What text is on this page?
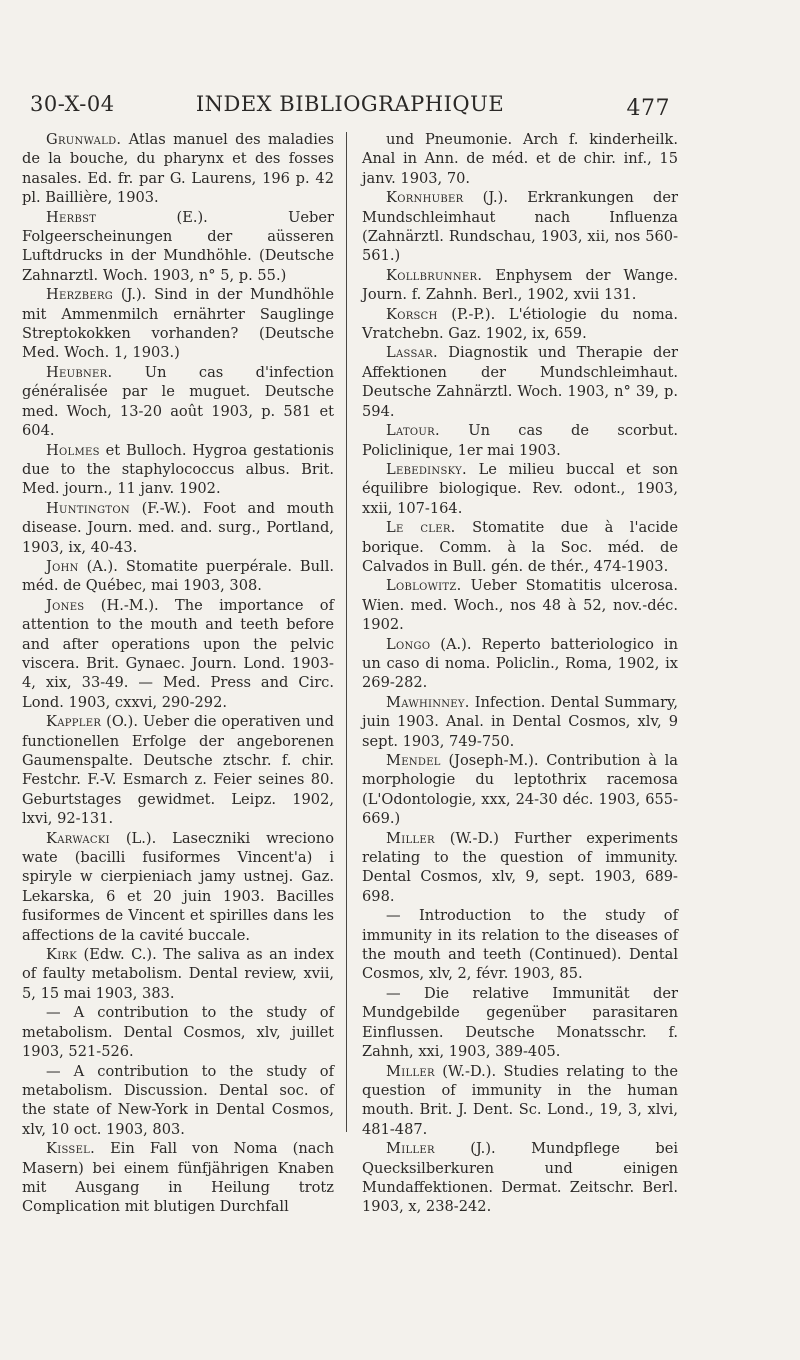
30-X-04	INDEX BIBLIOGRAPHIQUE	477

Grunwald. Atlas manuel des maladies de la bouche, du pharynx et des fosses nasales. Ed. fr. par G. Laurens, 196 p. 42 pl. Baillière, 1903.

Herbst (E.). Ueber Folgeerscheinungen der aüsseren Luftdrucks in der Mundhöhle. (Deutsche Zahnarztl. Woch. 1903, n° 5, p. 55.)

Herzberg (J.). Sind in der Mundhöhle mit Ammenmilch ernährter Sauglinge Streptokokken vorhanden? (Deutsche Med. Woch. 1, 1903.)

Heubner. Un cas d'infection généralisée par le muguet. Deutsche med. Woch, 13-20 août 1903, p. 581 et 604.

Holmes et Bulloch. Hygroa gestationis due to the staphylococcus albus. Brit. Med. journ., 11 janv. 1902.

Huntington (F.-W.). Foot and mouth disease. Journ. med. and. surg., Portland, 1903, ix, 40-43.

John (A.). Stomatite puerpérale. Bull. méd. de Québec, mai 1903, 308.

Jones (H.-M.). The importance of attention to the mouth and teeth before and after operations upon the pelvic viscera. Brit. Gynaec. Journ. Lond. 1903-4, xix, 33-49. — Med. Press and Circ. Lond. 1903, cxxvi, 290-292.

Kappler (O.). Ueber die operativen und functionellen Erfolge der angeborenen Gaumenspalte. Deutsche ztschr. f. chir. Festchr. F.-V. Esmarch z. Feier seines 80. Geburtstages gewidmet. Leipz. 1902, lxvi, 92-131.

Karwacki (L.). Laseczniki wreciono wate (bacilli fusiformes Vincent'a) i spiryle w cierpieniach jamy ustnej. Gaz. Lekarska, 6 et 20 juin 1903. Bacilles fusiformes de Vincent et spirilles dans les affections de la cavité buccale.

Kirk (Edw. C.). The saliva as an index of faulty metabolism. Dental review, xvii, 5, 15 mai 1903, 383.

— A contribution to the study of metabolism. Dental Cosmos, xlv, juillet 1903, 521-526.

— A contribution to the study of metabolism. Discussion. Dental soc. of the state of New-York in Dental Cosmos, xlv, 10 oct. 1903, 803.

Kissel. Ein Fall von Noma (nach Masern) bei einem fünfjährigen Knaben mit Ausgang in Heilung trotz Complication mit blutigen Durchfall

und Pneumonie. Arch f. kinderheilk. Anal in Ann. de méd. et de chir. inf., 15 janv. 1903, 70.

Kornhuber (J.). Erkrankungen der Mundschleimhaut nach Influenza (Zahnärztl. Rundschau, 1903, xii, nos 560-561.)

Kollbrunner. Enphysem der Wange. Journ. f. Zahnh. Berl., 1902, xvii 131.

Korsch (P.-P.). L'étiologie du noma. Vratchebn. Gaz. 1902, ix, 659.

Lassar. Diagnostik und Therapie der Affektionen der Mundschleimhaut. Deutsche Zahnärztl. Woch. 1903, n° 39, p. 594.

Latour. Un cas de scorbut. Policlinique, 1er mai 1903.

Lebedinsky. Le milieu buccal et son équilibre biologique. Rev. odont., 1903, xxii, 107-164.

Le cler. Stomatite due à l'acide borique. Comm. à la Soc. méd. de Calvados in Bull. gén. de thér., 474-1903.

Loblowitz. Ueber Stomatitis ulcerosa. Wien. med. Woch., nos 48 à 52, nov.-déc. 1902.

Longo (A.). Reperto batteriologico in un caso di noma. Policlin., Roma, 1902, ix 269-282.

Mawhinney. Infection. Dental Summary, juin 1903. Anal. in Dental Cosmos, xlv, 9 sept. 1903, 749-750.

Mendel (Joseph-M.). Contribution à la morphologie du leptothrix racemosa (L'Odontologie, xxx, 24-30 déc. 1903, 655-669.)

Miller (W.-D.) Further experiments relating to the question of immunity. Dental Cosmos, xlv, 9, sept. 1903, 689-698.

— Introduction to the study of immunity in its relation to the diseases of the mouth and teeth (Continued). Dental Cosmos, xlv, 2, févr. 1903, 85.

— Die relative Immunität der Mundgebilde gegenüber parasitaren Einflussen. Deutsche Monatsschr. f. Zahnh, xxi, 1903, 389-405.

Miller (W.-D.). Studies relating to the question of immunity in the human mouth. Brit. J. Dent. Sc. Lond., 19, 3, xlvi, 481-487.

Miller (J.). Mundpflege bei Quecksilberkuren und einigen Mundaffektionen. Dermat. Zeitschr. Berl. 1903, x, 238-242.
